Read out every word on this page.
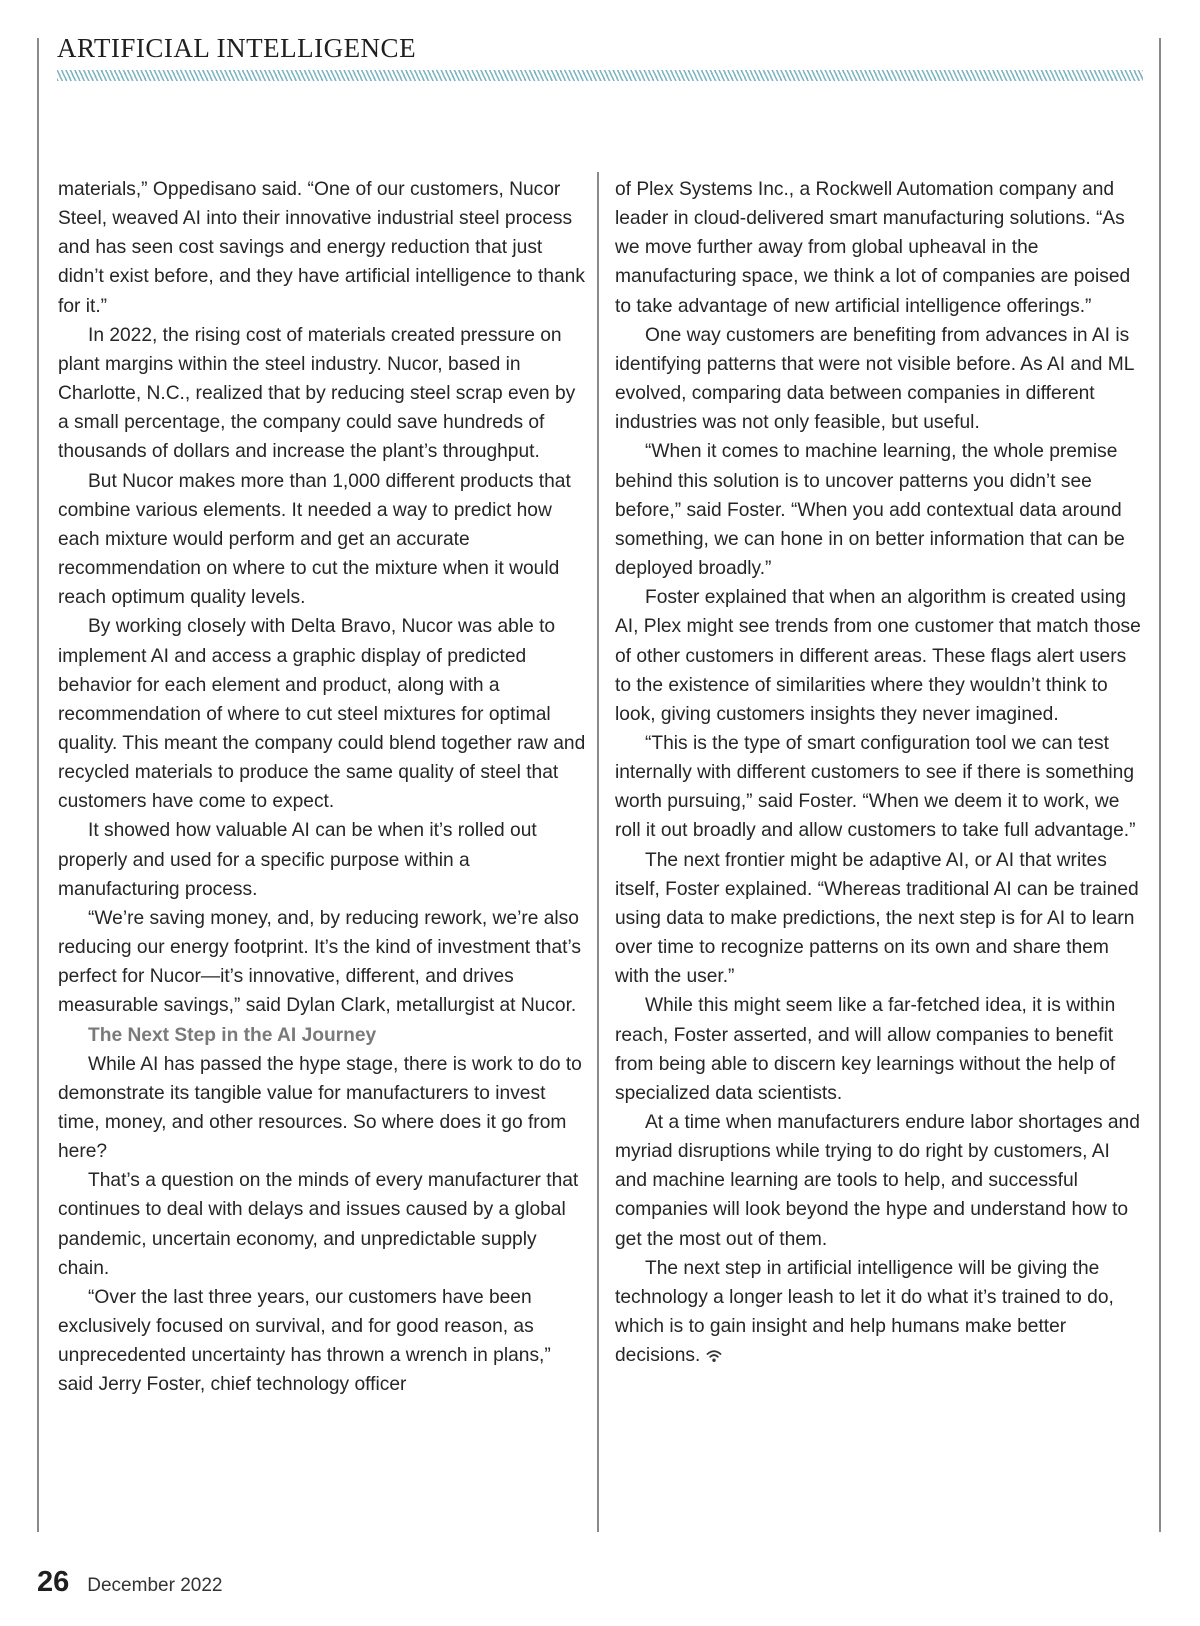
ARTIFICIAL INTELLIGENCE

materials,” Oppedisano said. “One of our customers, Nucor Steel, weaved AI into their innovative industrial steel process and has seen cost savings and energy reduction that just didn’t exist before, and they have artificial intelligence to thank for it.”

In 2022, the rising cost of materials created pressure on plant margins within the steel industry. Nucor, based in Charlotte, N.C., realized that by reducing steel scrap even by a small percentage, the company could save hundreds of thousands of dollars and increase the plant’s throughput.

But Nucor makes more than 1,000 different products that combine various elements. It needed a way to predict how each mixture would perform and get an accurate recommendation on where to cut the mixture when it would reach optimum quality levels.

By working closely with Delta Bravo, Nucor was able to implement AI and access a graphic display of predicted behavior for each element and product, along with a recommendation of where to cut steel mixtures for optimal quality. This meant the company could blend together raw and recycled materials to produce the same quality of steel that customers have come to expect.

It showed how valuable AI can be when it’s rolled out properly and used for a specific purpose within a manufacturing process.

“We’re saving money, and, by reducing rework, we’re also reducing our energy footprint. It’s the kind of investment that’s perfect for Nucor—it’s innovative, different, and drives measurable savings,” said Dylan Clark, metallurgist at Nucor.

The Next Step in the AI Journey

While AI has passed the hype stage, there is work to do to demonstrate its tangible value for manufacturers to invest time, money, and other resources. So where does it go from here?

That’s a question on the minds of every manufacturer that continues to deal with delays and issues caused by a global pandemic, uncertain economy, and unpredictable supply chain.

“Over the last three years, our customers have been exclusively focused on survival, and for good reason, as unprecedented uncertainty has thrown a wrench in plans,” said Jerry Foster, chief technology officer

of Plex Systems Inc., a Rockwell Automation company and leader in cloud-delivered smart manufacturing solutions. “As we move further away from global upheaval in the manufacturing space, we think a lot of companies are poised to take advantage of new artificial intelligence offerings.”

One way customers are benefiting from advances in AI is identifying patterns that were not visible before. As AI and ML evolved, comparing data between companies in different industries was not only feasible, but useful.

“When it comes to machine learning, the whole premise behind this solution is to uncover patterns you didn’t see before,” said Foster. “When you add contextual data around something, we can hone in on better information that can be deployed broadly.”

Foster explained that when an algorithm is created using AI, Plex might see trends from one customer that match those of other customers in different areas. These flags alert users to the existence of similarities where they wouldn’t think to look, giving customers insights they never imagined.

“This is the type of smart configuration tool we can test internally with different customers to see if there is something worth pursuing,” said Foster. “When we deem it to work, we roll it out broadly and allow customers to take full advantage.”

The next frontier might be adaptive AI, or AI that writes itself, Foster explained. “Whereas traditional AI can be trained using data to make predictions, the next step is for AI to learn over time to recognize patterns on its own and share them with the user.”

While this might seem like a far-fetched idea, it is within reach, Foster asserted, and will allow companies to benefit from being able to discern key learnings without the help of specialized data scientists.

At a time when manufacturers endure labor shortages and myriad disruptions while trying to do right by customers, AI and machine learning are tools to help, and successful companies will look beyond the hype and understand how to get the most out of them.

The next step in artificial intelligence will be giving the technology a longer leash to let it do what it’s trained to do, which is to gain insight and help humans make better decisions.

26 December 2022
